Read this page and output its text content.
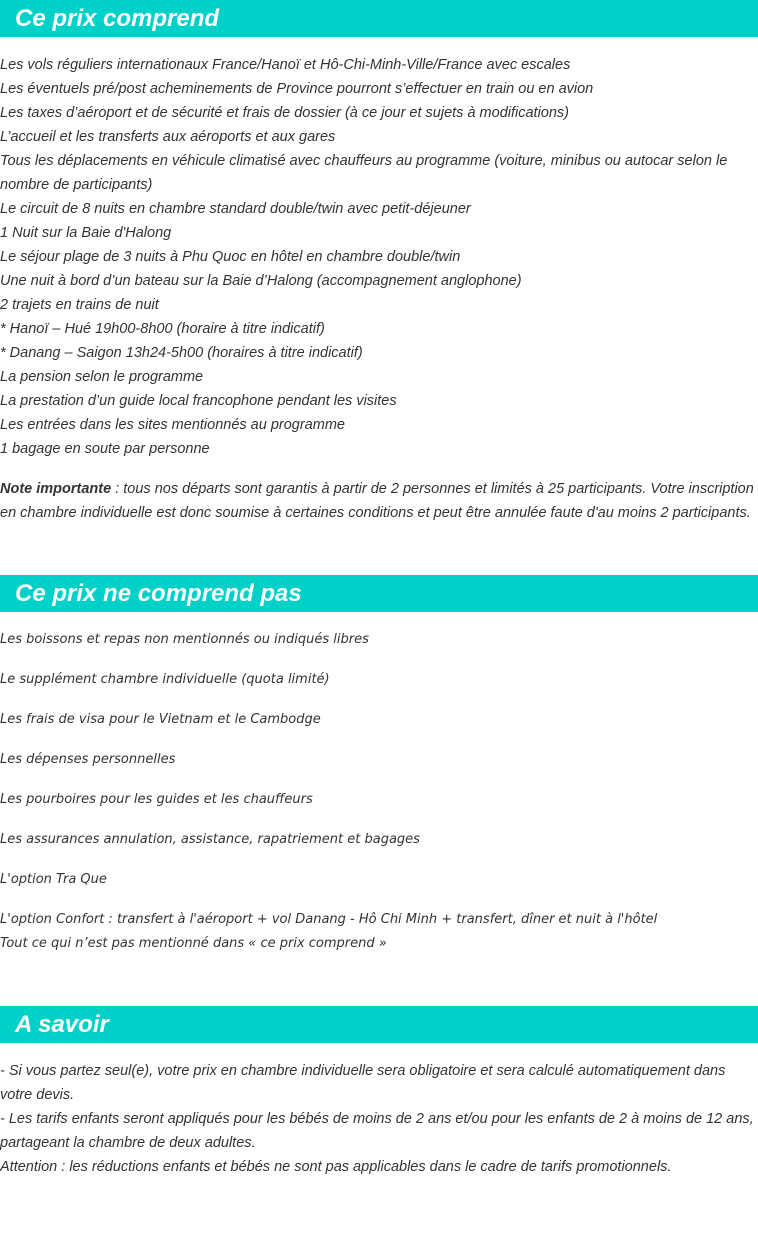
Ce prix comprend
Les vols réguliers internationaux France/Hanoï et Hô-Chi-Minh-Ville/France avec escales
Les éventuels pré/post acheminements de Province pourront s’effectuer en train ou en avion
Les taxes d’aéroport et de sécurité et frais de dossier (à ce jour et sujets à modifications)
L’accueil et les transferts aux aéroports et aux gares
Tous les déplacements en véhicule climatisé avec chauffeurs au programme (voiture, minibus ou autocar selon le nombre de participants)
Le circuit de 8 nuits en chambre standard double/twin avec petit-déjeuner
1 Nuit sur la Baie d'Halong
Le séjour plage de 3 nuits à Phu Quoc en hôtel en chambre double/twin
Une nuit à bord d’un bateau sur la Baie d’Halong (accompagnement anglophone)
2 trajets en trains de nuit
* Hanoï – Hué 19h00-8h00 (horaire à titre indicatif)
* Danang – Saigon 13h24-5h00 (horaires à titre indicatif)
La pension selon le programme
La prestation d’un guide local francophone pendant les visites
Les entrées dans les sites mentionnés au programme
1 bagage en soute par personne

Note importante : tous nos départs sont garantis à partir de 2 personnes et limités à 25 participants. Votre inscription en chambre individuelle est donc soumise à certaines conditions et peut être annulée faute d'au moins 2 participants.

Ce prix ne comprend pas
Les boissons et repas non mentionnés ou indiqués libres
Le supplément chambre individuelle (quota limité)
Les frais de visa pour le Vietnam et le Cambodge
Les dépenses personnelles
Les pourboires pour les guides et les chauffeurs
Les assurances annulation, assistance, rapatriement et bagages
L'option Tra Que
L'option Confort : transfert à l'aéroport + vol Danang - Hô Chi Minh + transfert, dîner et nuit à l'hôtel
Tout ce qui n’est pas mentionné dans « ce prix comprend »
A savoir
- Si vous partez seul(e), votre prix en chambre individuelle sera obligatoire et sera calculé automatiquement dans votre devis.
- Les tarifs enfants seront appliqués pour les bébés de moins de 2 ans et/ou pour les enfants de 2 à moins de 12 ans, partageant la chambre de deux adultes.
Attention : les réductions enfants et bébés ne sont pas applicables dans le cadre de tarifs promotionnels.
